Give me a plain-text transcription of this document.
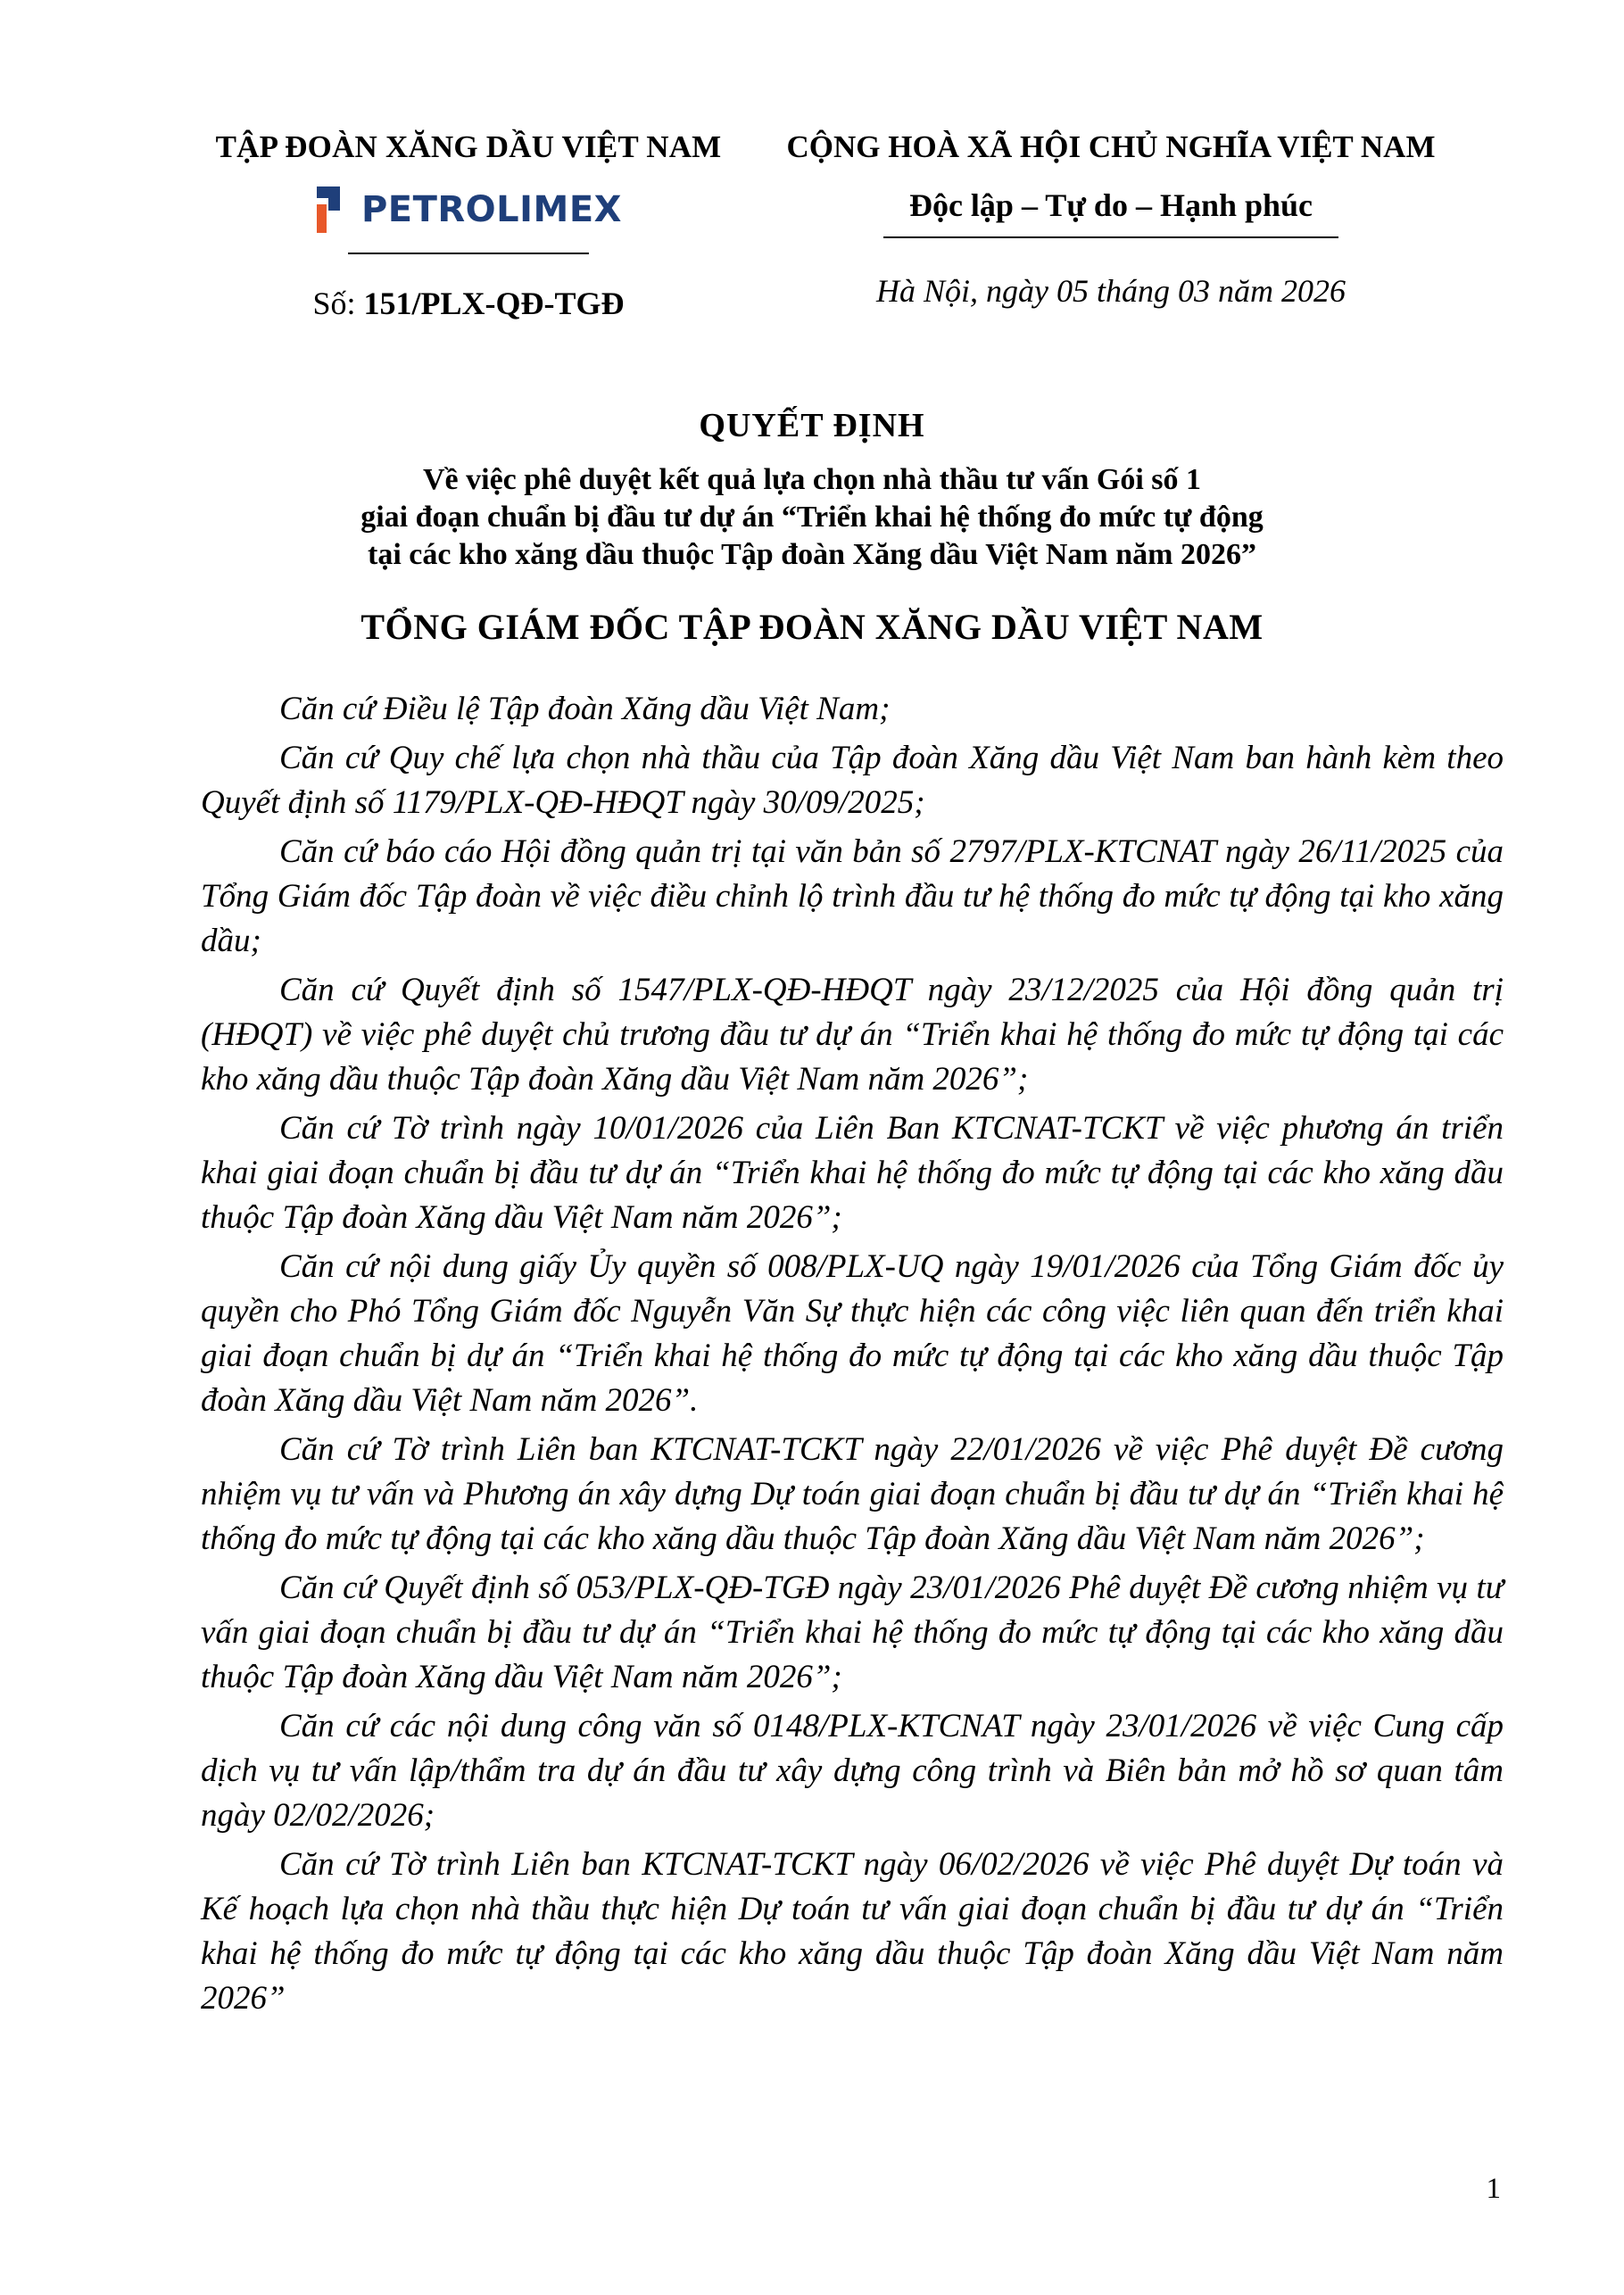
TẬP ĐOÀN XĂNG DẦU VIỆT NAM
PETROLIMEX
Số: 151/PLX-QĐ-TGĐ
CỘNG HOÀ XÃ HỘI CHỦ NGHĨA VIỆT NAM
Độc lập – Tự do – Hạnh phúc
Hà Nội, ngày 05 tháng 03 năm 2026
QUYẾT ĐỊNH
Về việc phê duyệt kết quả lựa chọn nhà thầu tư vấn Gói số 1
giai đoạn chuẩn bị đầu tư dự án “Triển khai hệ thống đo mức tự động
tại các kho xăng dầu thuộc Tập đoàn Xăng dầu Việt Nam năm 2026”
TỔNG GIÁM ĐỐC TẬP ĐOÀN XĂNG DẦU VIỆT NAM

Căn cứ Điều lệ Tập đoàn Xăng dầu Việt Nam;

Căn cứ Quy chế lựa chọn nhà thầu của Tập đoàn Xăng dầu Việt Nam ban hành kèm theo Quyết định số 1179/PLX-QĐ-HĐQT ngày 30/09/2025;

Căn cứ báo cáo Hội đồng quản trị tại văn bản số 2797/PLX-KTCNAT ngày 26/11/2025 của Tổng Giám đốc Tập đoàn về việc điều chỉnh lộ trình đầu tư hệ thống đo mức tự động tại kho xăng dầu;

Căn cứ Quyết định số 1547/PLX-QĐ-HĐQT ngày 23/12/2025 của Hội đồng quản trị (HĐQT) về việc phê duyệt chủ trương đầu tư dự án “Triển khai hệ thống đo mức tự động tại các kho xăng dầu thuộc Tập đoàn Xăng dầu Việt Nam năm 2026”;

Căn cứ Tờ trình ngày 10/01/2026 của Liên Ban KTCNAT-TCKT về việc phương án triển khai giai đoạn chuẩn bị đầu tư dự án “Triển khai hệ thống đo mức tự động tại các kho xăng dầu thuộc Tập đoàn Xăng dầu Việt Nam năm 2026”;

Căn cứ nội dung giấy Ủy quyền số 008/PLX-UQ ngày 19/01/2026 của Tổng Giám đốc ủy quyền cho Phó Tổng Giám đốc Nguyễn Văn Sự thực hiện các công việc liên quan đến triển khai giai đoạn chuẩn bị dự án “Triển khai hệ thống đo mức tự động tại các kho xăng dầu thuộc Tập đoàn Xăng dầu Việt Nam năm 2026”.

Căn cứ Tờ trình Liên ban KTCNAT-TCKT ngày 22/01/2026 về việc Phê duyệt Đề cương nhiệm vụ tư vấn và Phương án xây dựng Dự toán giai đoạn chuẩn bị đầu tư dự án “Triển khai hệ thống đo mức tự động tại các kho xăng dầu thuộc Tập đoàn Xăng dầu Việt Nam năm 2026”;

Căn cứ Quyết định số 053/PLX-QĐ-TGĐ ngày 23/01/2026 Phê duyệt Đề cương nhiệm vụ tư vấn giai đoạn chuẩn bị đầu tư dự án “Triển khai hệ thống đo mức tự động tại các kho xăng dầu thuộc Tập đoàn Xăng dầu Việt Nam năm 2026”;

Căn cứ các nội dung công văn số 0148/PLX-KTCNAT ngày 23/01/2026 về việc Cung cấp dịch vụ tư vấn lập/thẩm tra dự án đầu tư xây dựng công trình và Biên bản mở hồ sơ quan tâm ngày 02/02/2026;

Căn cứ Tờ trình Liên ban KTCNAT-TCKT ngày 06/02/2026 về việc Phê duyệt Dự toán và Kế hoạch lựa chọn nhà thầu thực hiện Dự toán tư vấn giai đoạn chuẩn bị đầu tư dự án “Triển khai hệ thống đo mức tự động tại các kho xăng dầu thuộc Tập đoàn Xăng dầu Việt Nam năm 2026”

1
